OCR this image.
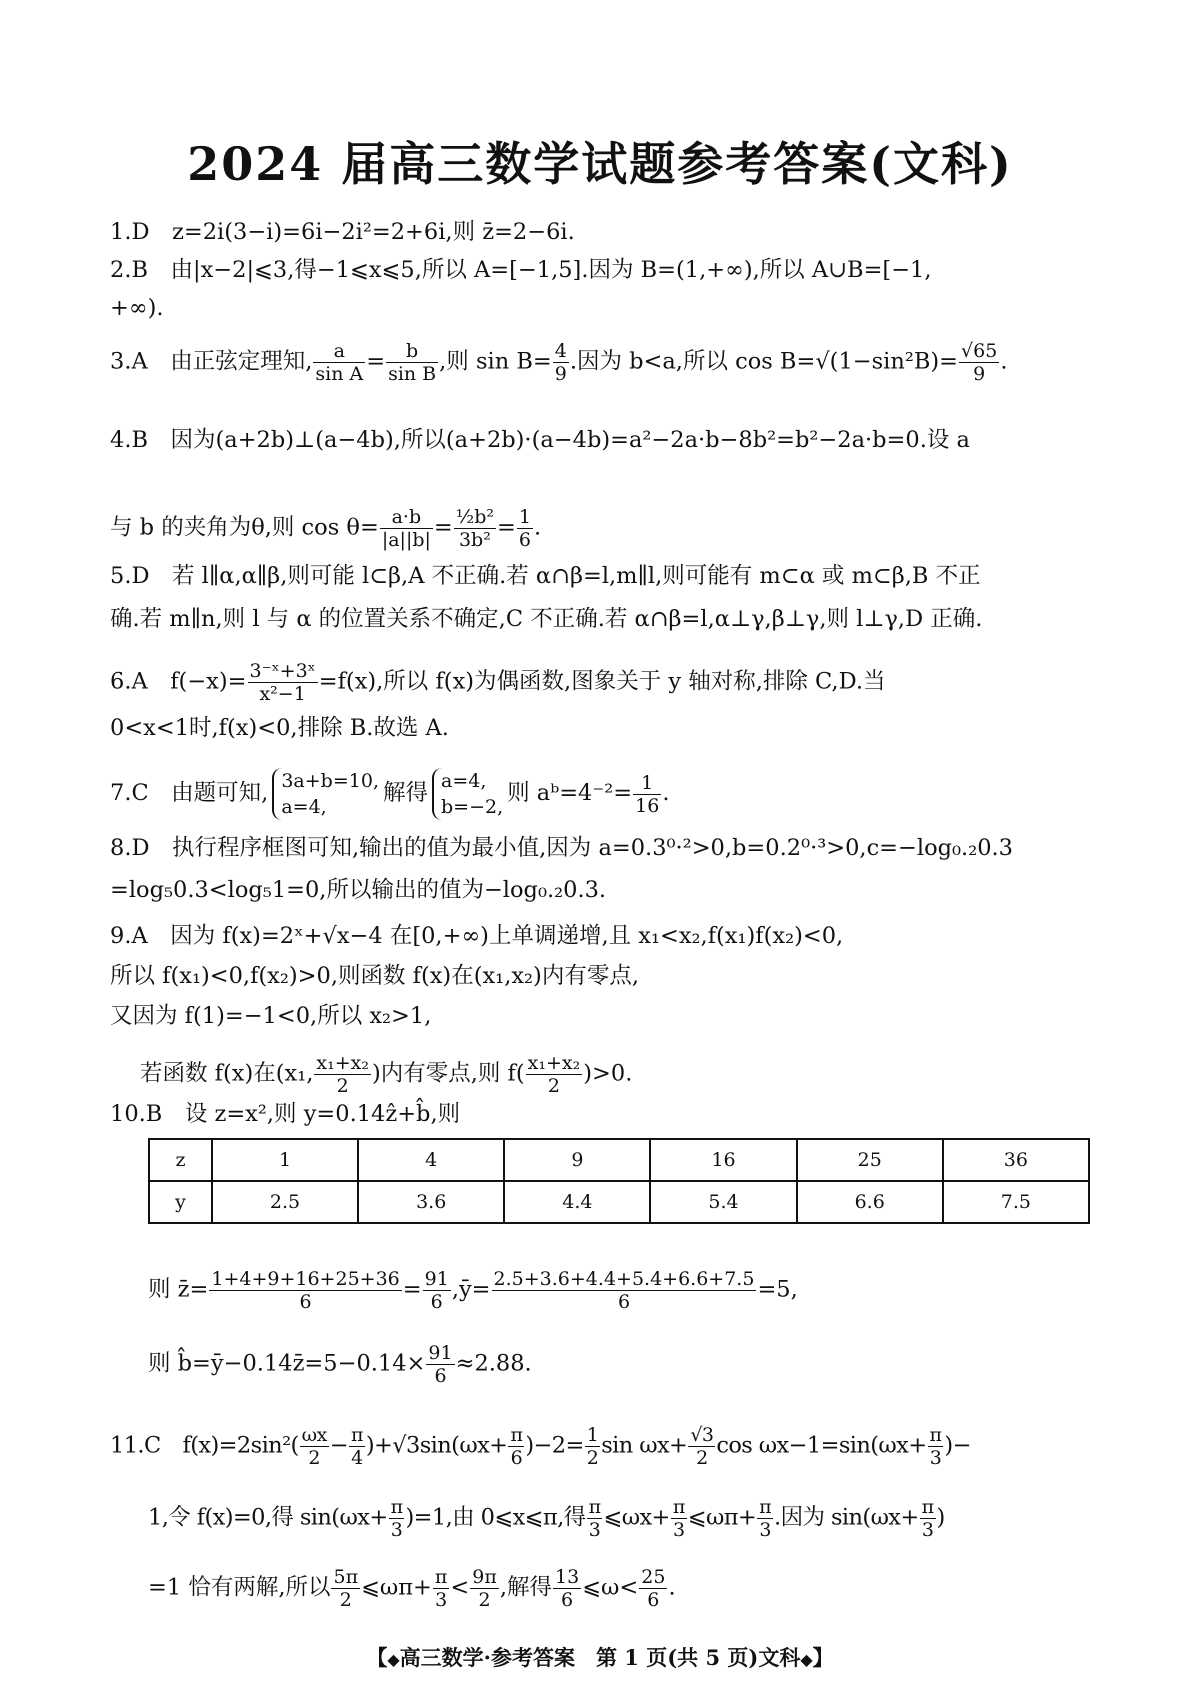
2024 届高三数学试题参考答案(文科)
1.D　z=2i(3−i)=6i−2i²=2+6i,则 z̄=2−6i.
2.B　由|x−2|⩽3,得−1⩽x⩽5,所以 A=[−1,5].因为 B=(1,+∞),所以 A∪B=[−1,
+∞).
3.A　由正弦定理知, $\frac{a}{\text{sin A}} = \frac{b}{\text{sin B}}$ ,则 $\sin B= \frac{4}{9}$ .因为 b<a,所以 $\cos B=√(1-\sin^2B)= \frac{√65}{9}$ .
4.B　因为(a+2b)⊥(a−4b),所以(a+2b)·(a−4b)=a²−2a·b−8b²=b²−2a·b=0.设 a
与 b 的夹角为θ,则 $\cos \theta= \frac{a\cdot b}{|a||b|} = \frac{\text{½b²}}{\text{3b²}} = \frac{1}{6}$ .
5.D　若 l∥α,α∥β,则可能 l⊂β,A 不正确.若 α∩β=l,m∥l,则可能有 m⊂α 或 m⊂β,B 不正
确.若 m∥n,则 l 与 α 的位置关系不确定,C 不正确.若 α∩β=l,α⊥γ,β⊥γ,则 l⊥γ,D 正确.
6.A　$f(-x)= \frac{\text{3⁻ˣ+3ˣ}}{\text{x²−1}} =f(x)$,所以 f(x)为偶函数,图象关于 y 轴对称,排除 C,D.当
0<x<1时,f(x)<0,排除 B.故选 A.
7.C　由题可知, 3a+b=10,
a=4,
解得 a=4,
b=−2,
则 aᵇ=4⁻²= $\frac{1}{16}$ .
8.D　执行程序框图可知,输出的值为最小值,因为 a=0.3⁰·²>0,b=0.2⁰·³>0,c=−log₀.₂0.3
=log₅0.3<log₅1=0,所以输出的值为−log₀.₂0.3.
9.A　因为 f(x)=2ˣ+√x−4 在[0,+∞)上单调递增,且 x₁<x₂,f(x₁)f(x₂)<0,
所以 f(x₁)<0,f(x₂)>0,则函数 f(x)在(x₁,x₂)内有零点,
又因为 f(1)=−1<0,所以 x₂>1,
若函数 f(x)在(x₁, $\frac{\text{x₁+x₂}}{2}$ )内有零点,则 $f( \frac{\text{x₁+x₂}}{2} )>0$.
10.B　设 z=x²,则 y=0.14ẑ+b̂,则
z	1	4	9	16	25	36
y	2.5	3.6	4.4	5.4	6.6	7.5
则 z̄= $\frac{1+4+9+16+25+36}{6} = \frac{91}{6}$ ,ȳ= $\frac{2.5+3.6+4.4+5.4+6.6+7.5}{6} =5$,
则 b̂=ȳ−0.14z̄=5−0.14× $\frac{91}{6} \approx 2.88$.
11.C　$f(x)=2\sin^2( \frac{\omega x}{2} - \frac{\pi}{4} )+√3\sin(\omega x+ \frac{\pi}{6} )-2= \frac{1}{2}$ $\sin \omega x+ \frac{√3}{2}$ $\cos \omega x-1=\sin(\omega x+ \frac{\pi}{3}$ )−
1,令 f(x)=0,得 $\sin(\omega x+ \frac{\pi}{3} )=1$,由 0⩽x⩽π,得 $\frac{\pi}{3}$ ⩽ωx+ $\frac{\pi}{3}$ ⩽ωπ+ $\frac{\pi}{3}$ .因为 $\sin(\omega x+ \frac{\pi}{3}$ )
=1 恰有两解,所以 $\frac{5\pi}{2}$ ⩽ωπ+ $\frac{\pi}{3} < \frac{9\pi}{2}$ ,解得 $\frac{13}{6}$ ⩽ω< $\frac{25}{6}$ .
【◆高三数学·参考答案　第 1 页(共 5 页)文科◆】
